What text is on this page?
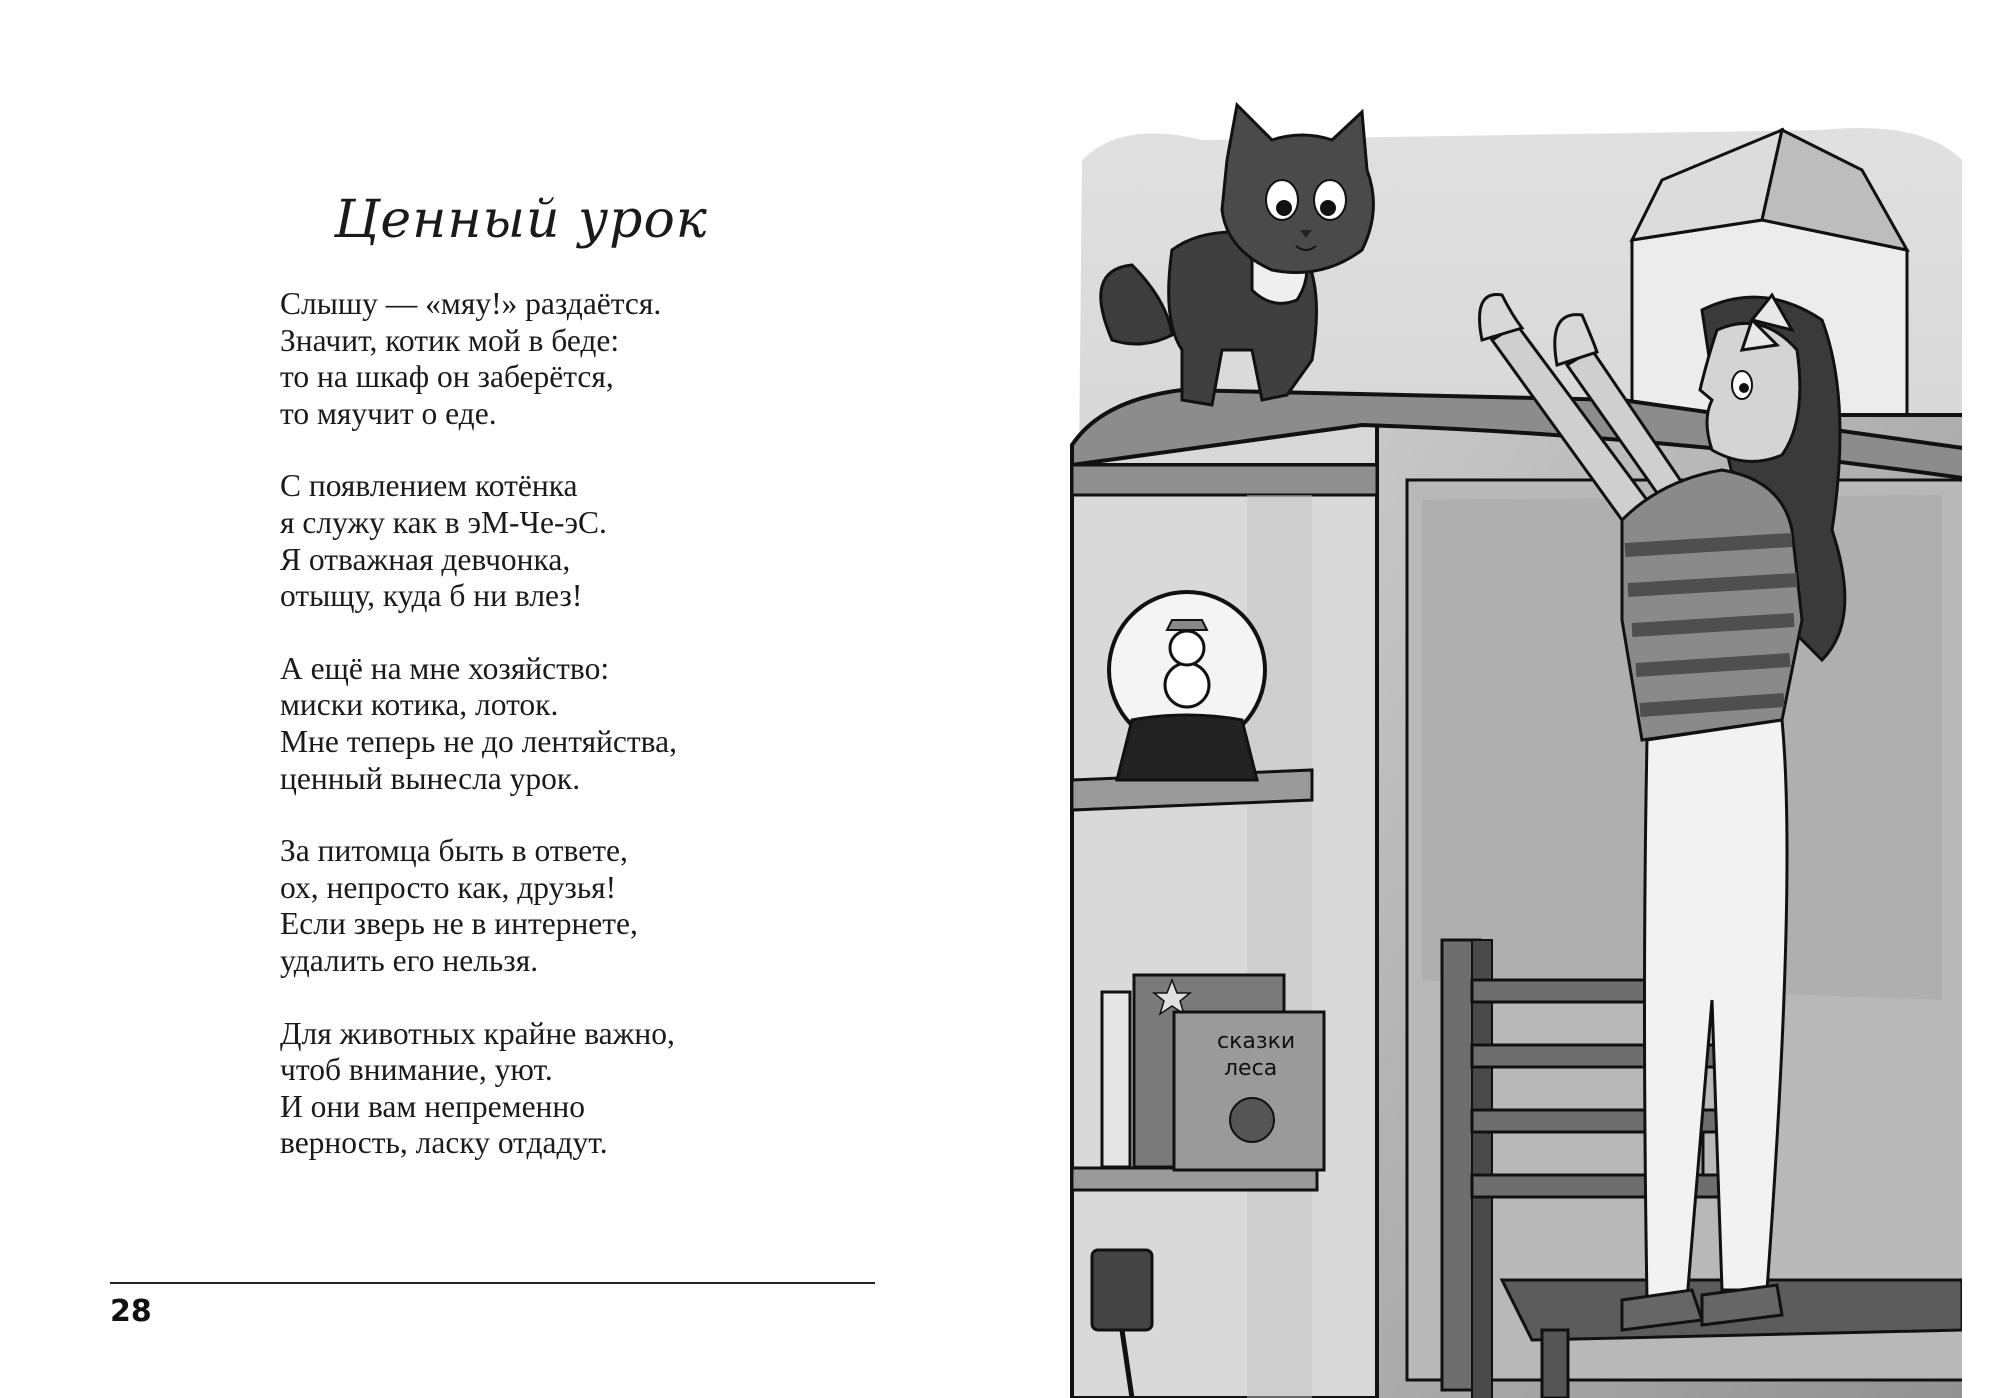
Ценный урок
Слышу — «мяу!» раздаётся.
Значит, котик мой в беде:
то на шкаф он заберётся,
то мяучит о еде.
С появлением котёнка
я служу как в эМ-Че-эС.
Я отважная девчонка,
отыщу, куда б ни влез!
А ещё на мне хозяйство:
миски котика, лоток.
Мне теперь не до лентяйства,
ценный вынесла урок.
За питомца быть в ответе,
ох, непросто как, друзья!
Если зверь не в интернете,
удалить его нельзя.
Для животных крайне важно,
чтоб внимание, уют.
И они вам непременно
верность, ласку отдадут.
28
сказки
леса
